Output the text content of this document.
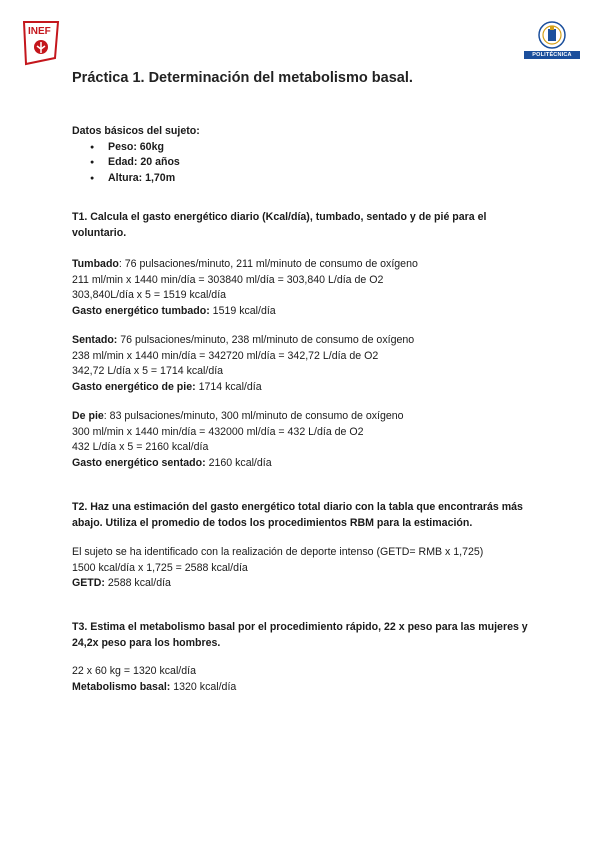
INEF
POLITÉCNICA
Práctica 1. Determinación del metabolismo basal.

Datos básicos del sujeto:

● Peso: 60kg
● Edad: 20 años
● Altura: 1,70m

T1. Calcula el gasto energético diario (Kcal/día), tumbado, sentado y de pié para el voluntario.

Tumbado: 76 pulsaciones/minuto, 211 ml/minuto de consumo de oxígeno

211 ml/min x 1440 min/día = 303840 ml/día = 303,840 L/día de O2

303,840L/día x 5 = 1519 kcal/día

Gasto energético tumbado: 1519 kcal/día

Sentado: 76 pulsaciones/minuto, 238 ml/minuto de consumo de oxígeno

238 ml/min x 1440 min/día = 342720 ml/día = 342,72 L/día de O2

342,72 L/día x 5 = 1714 kcal/día

Gasto energético de pie: 1714 kcal/día

De pie: 83 pulsaciones/minuto, 300 ml/minuto de consumo de oxígeno

300 ml/min x 1440 min/día = 432000 ml/día = 432 L/día de O2

432 L/día x 5 = 2160 kcal/día

Gasto energético sentado: 2160 kcal/día

T2. Haz una estimación del gasto energético total diario con la tabla que encontrarás más abajo. Utiliza el promedio de todos los procedimientos RBM para la estimación.

El sujeto se ha identificado con la realización de deporte intenso (GETD= RMB x 1,725)

1500 kcal/día x 1,725 = 2588 kcal/día

GETD: 2588 kcal/día

T3. Estima el metabolismo basal por el procedimiento rápido, 22 x peso para las mujeres y 24,2x peso para los hombres.

22 x 60 kg = 1320 kcal/día

Metabolismo basal: 1320 kcal/día
